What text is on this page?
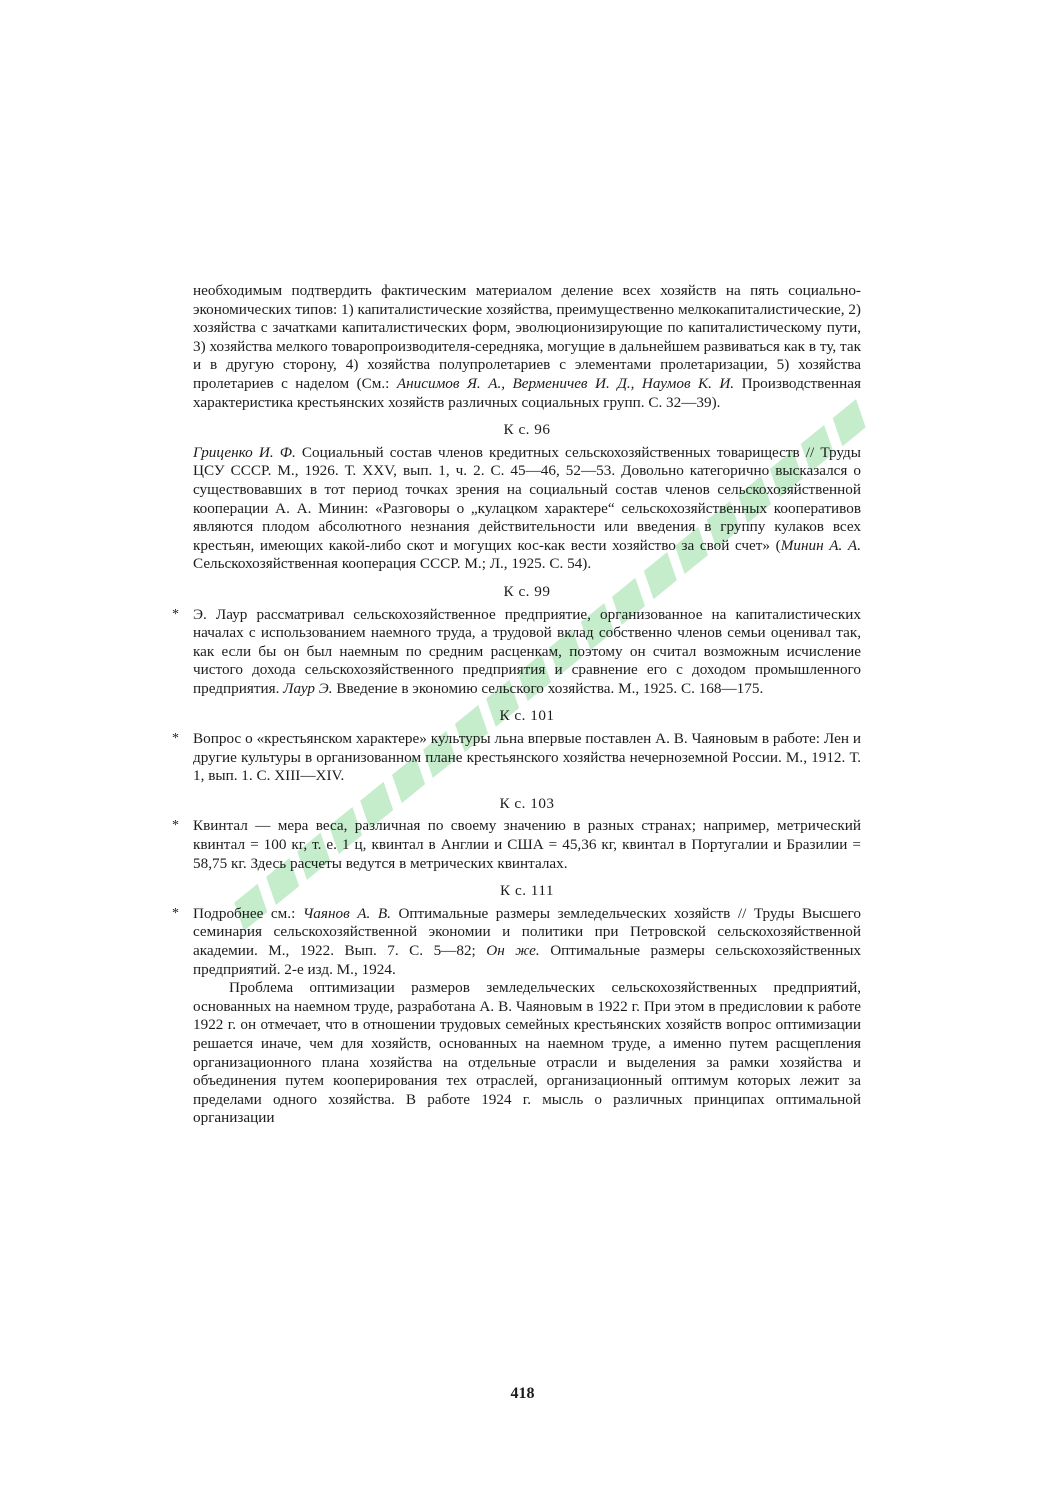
необходимым подтвердить фактическим материалом деление всех хозяйств на пять социально-экономических типов: 1) капиталистические хозяйства, преимущественно мелкокапиталистические, 2) хозяйства с зачатками капиталистических форм, эволюционизирующие по капиталистическому пути, 3) хозяйства мелкого товаропроизводителя-середняка, могущие в дальнейшем развиваться как в ту, так и в другую сторону, 4) хозяйства полупролетариев с элементами пролетаризации, 5) хозяйства пролетариев с наделом (См.: Анисимов Я. А., Верменичев И. Д., Наумов К. И. Производственная характеристика крестьянских хозяйств различных социальных групп. С. 32—39).

К с. 96

Гриценко И. Ф. Социальный состав членов кредитных сельскохозяйственных товариществ // Труды ЦСУ СССР. М., 1926. Т. XXV, вып. 1, ч. 2. С. 45—46, 52—53. Довольно категорично высказался о существовавших в тот период точках зрения на социальный состав членов сельскохозяйственной кооперации А. А. Минин: «Разговоры о „кулацком характере“ сельскохозяйственных кооперативов являются плодом абсолютного незнания действительности или введения в группу кулаков всех крестьян, имеющих какой-либо скот и могущих кос-как вести хозяйство за свой счет» (Минин А. А. Сельскохозяйственная кооперация СССР. М.; Л., 1925. С. 54).

К с. 99

* Э. Лаур рассматривал сельскохозяйственное предприятие, организованное на капиталистических началах с использованием наемного труда, а трудовой вклад собственно членов семьи оценивал так, как если бы он был наемным по средним расценкам, поэтому он считал возможным исчисление чистого дохода сельскохозяйственного предприятия и сравнение его с доходом промышленного предприятия. Лаур Э. Введение в экономию сельского хозяйства. М., 1925. С. 168—175.

К с. 101

* Вопрос о «крестьянском характере» культуры льна впервые поставлен А. В. Чаяновым в работе: Лен и другие культуры в организованном плане крестьянского хозяйства нечерноземной России. М., 1912. Т. 1, вып. 1. С. XIII—XIV.

К с. 103

* Квинтал — мера веса, различная по своему значению в разных странах; например, метрический квинтал = 100 кг, т. е. 1 ц, квинтал в Англии и США = 45,36 кг, квинтал в Португалии и Бразилии = 58,75 кг. Здесь расчеты ведутся в метрических квинталах.

К с. 111

* Подробнее см.: Чаянов А. В. Оптимальные размеры земледельческих хозяйств // Труды Высшего семинария сельскохозяйственной экономии и политики при Петровской сельскохозяйственной академии. М., 1922. Вып. 7. С. 5—82; Он же. Оптимальные размеры сельскохозяйственных предприятий. 2-е изд. М., 1924.

Проблема оптимизации размеров земледельческих сельскохозяйственных предприятий, основанных на наемном труде, разработана А. В. Чаяновым в 1922 г. При этом в предисловии к работе 1922 г. он отмечает, что в отношении трудовых семейных крестьянских хозяйств вопрос оптимизации решается иначе, чем для хозяйств, основанных на наемном труде, а именно путем расщепления организационного плана хозяйства на отдельные отрасли и выделения за рамки хозяйства и объединения путем кооперирования тех отраслей, организационный оптимум которых лежит за пределами одного хозяйства. В работе 1924 г. мысль о различных принципах оптимальной организации

418
